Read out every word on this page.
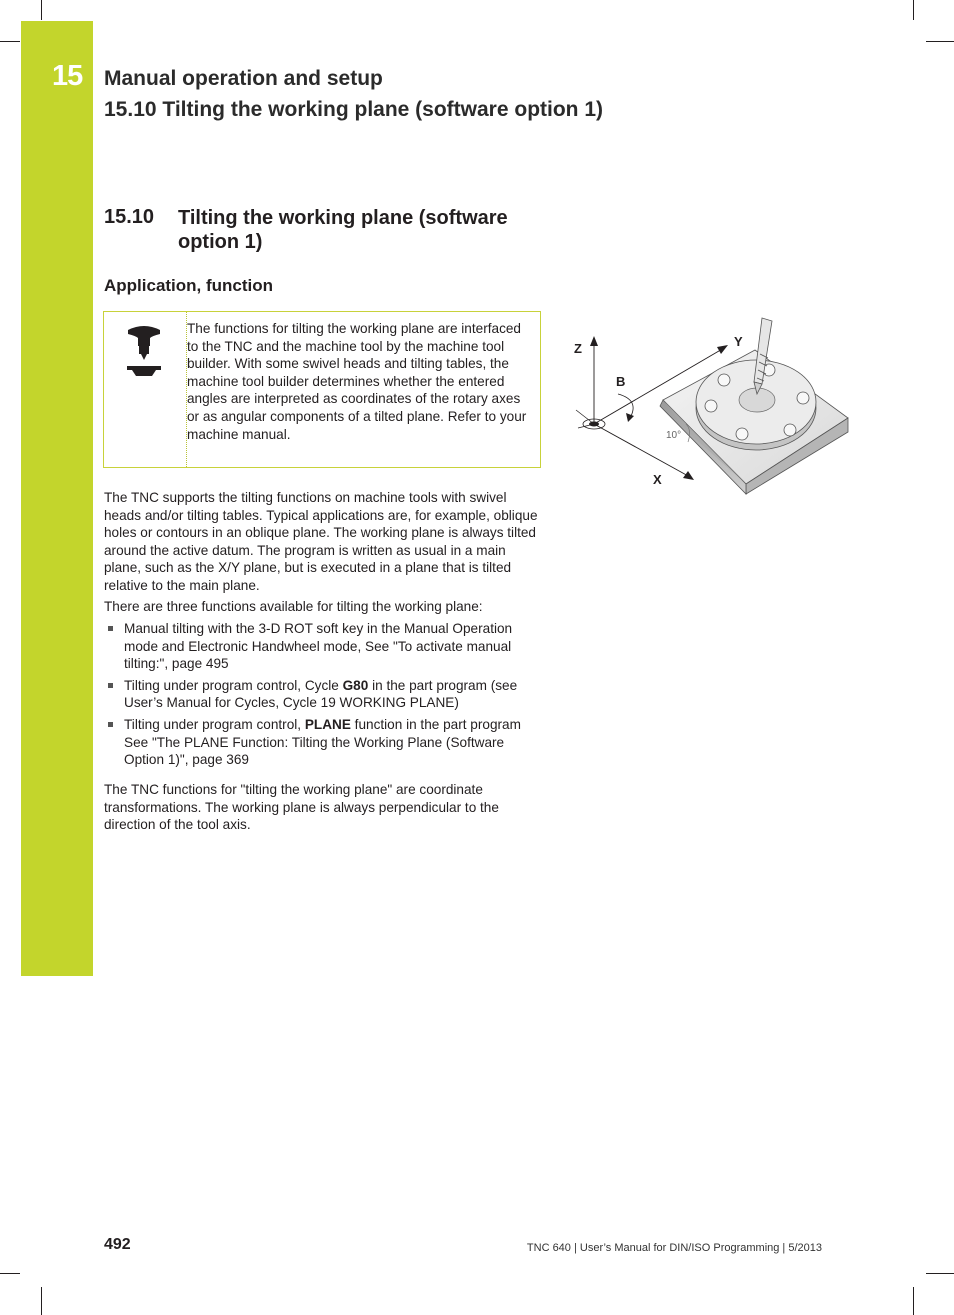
15 Manual operation and setup
15.10 Tilting the working plane (software option 1)
15.10 Tilting the working plane (software option 1)
Application, function
The functions for tilting the working plane are interfaced to the TNC and the machine tool by the machine tool builder. With some swivel heads and tilting tables, the machine tool builder determines whether the entered angles are interpreted as coordinates of the rotary axes or as angular components of a tilted plane. Refer to your machine manual.

The TNC supports the tilting functions on machine tools with swivel heads and/or tilting tables. Typical applications are, for example, oblique holes or contours in an oblique plane. The working plane is always tilted around the active datum. The program is written as usual in a main plane, such as the X/Y plane, but is executed in a plane that is tilted relative to the main plane.

There are three functions available for tilting the working plane:

Manual tilting with the 3-D ROT soft key in the Manual Operation mode and Electronic Handwheel mode, See "To activate manual tilting:", page 495
Tilting under program control, Cycle G80 in the part program (see User’s Manual for Cycles, Cycle 19 WORKING PLANE)
Tilting under program control, PLANE function in the part program See "The PLANE Function: Tilting the Working Plane (Software Option 1)", page 369

The TNC functions for "tilting the working plane" are coordinate transformations. The working plane is always perpendicular to the direction of the tool axis.

Z	Y
B
X
10°
492	TNC 640 | User’s Manual for DIN/ISO Programming | 5/2013
